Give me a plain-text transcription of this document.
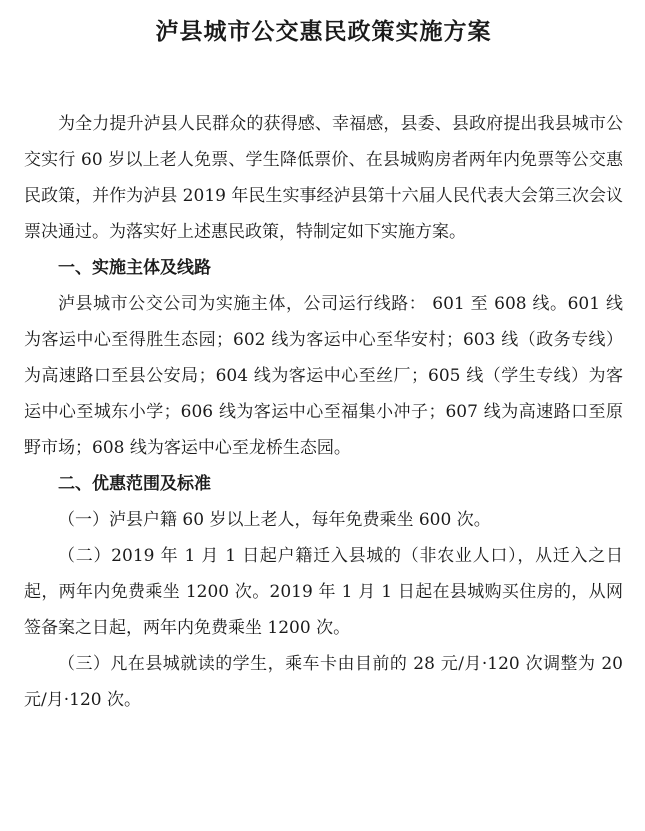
泸县城市公交惠民政策实施方案

为全力提升泸县人民群众的获得感、幸福感，县委、县政府提出我县城市公交实行 60 岁以上老人免票、学生降低票价、在县城购房者两年内免票等公交惠民政策，并作为泸县 2019 年民生实事经泸县第十六届人民代表大会第三次会议票决通过。为落实好上述惠民政策，特制定如下实施方案。

一、实施主体及线路

泸县城市公交公司为实施主体，公司运行线路： 601 至 608 线。601 线为客运中心至得胜生态园；602 线为客运中心至华安村；603 线（政务专线）为高速路口至县公安局；604 线为客运中心至丝厂；605 线（学生专线）为客运中心至城东小学；606 线为客运中心至福集小冲子；607 线为高速路口至原野市场；608 线为客运中心至龙桥生态园。

二、优惠范围及标准

（一）泸县户籍 60 岁以上老人，每年免费乘坐 600 次。

（二）2019 年 1 月 1 日起户籍迁入县城的（非农业人口），从迁入之日起，两年内免费乘坐 1200 次。2019 年 1 月 1 日起在县城购买住房的，从网签备案之日起，两年内免费乘坐 1200 次。

（三）凡在县城就读的学生，乘车卡由目前的 28 元/月·120 次调整为 20 元/月·120 次。
